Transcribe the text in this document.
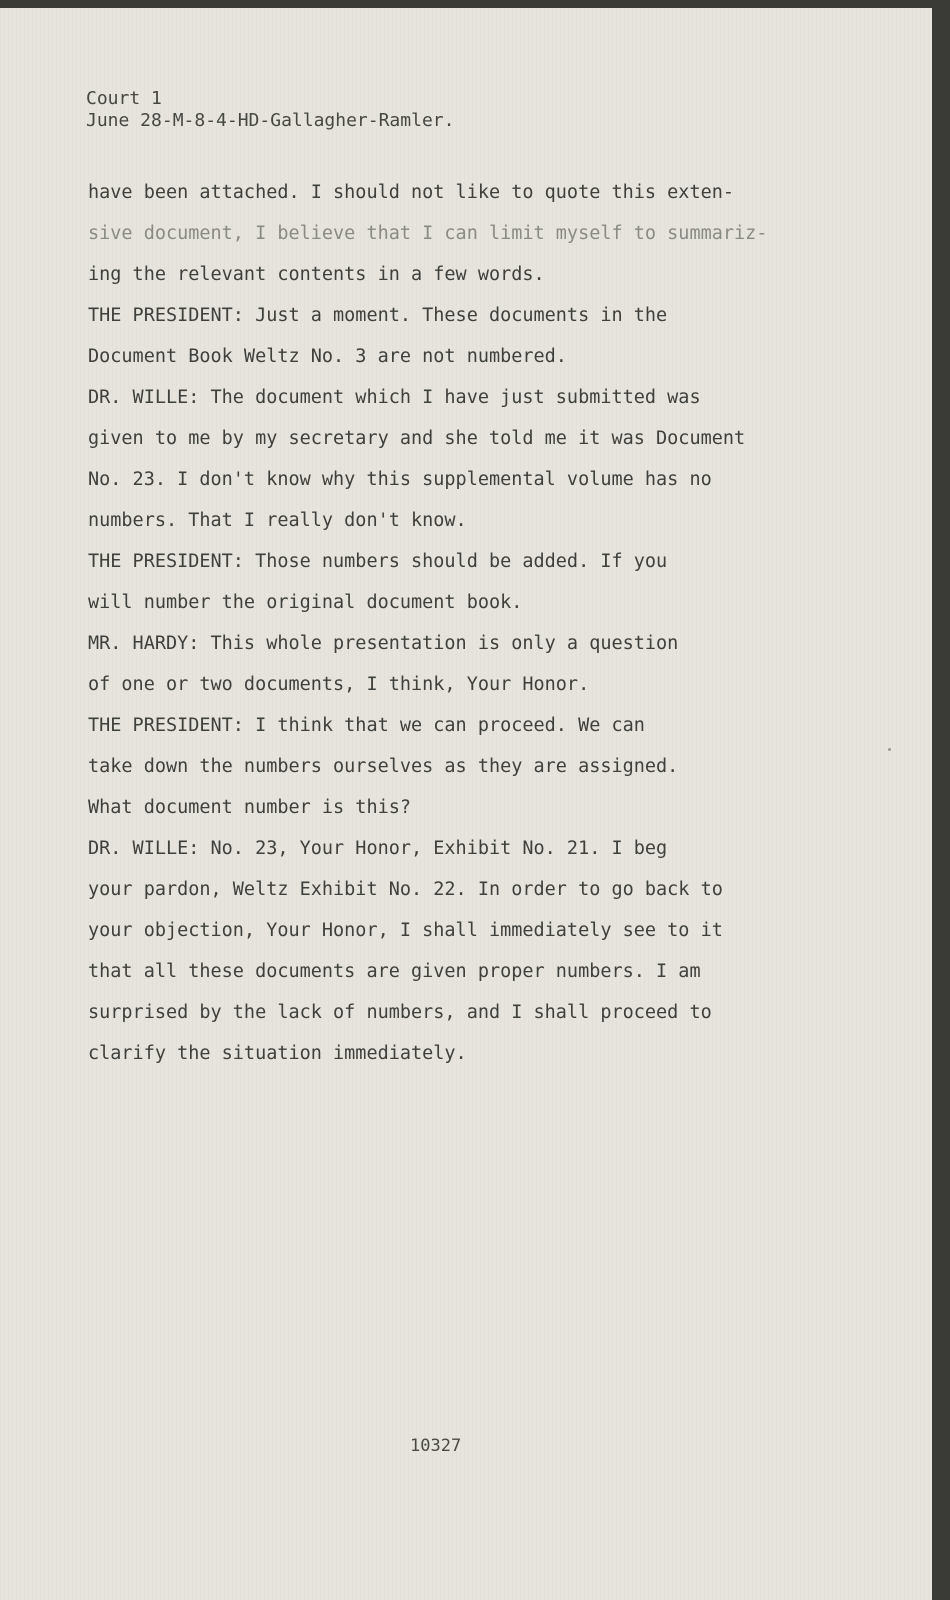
Court 1
June 28-M-8-4-HD-Gallagher-Ramler.
have been attached. I should not like to quote this exten-
sive document, I believe that I can limit myself to summariz-
ing the relevant contents in a few words.
THE PRESIDENT: Just a moment. These documents in the
Document Book Weltz No. 3 are not numbered.
DR. WILLE: The document which I have just submitted was
given to me by my secretary and she told me it was Document
No. 23. I don't know why this supplemental volume has no
numbers. That I really don't know.
THE PRESIDENT: Those numbers should be added. If you
will number the original document book.
MR. HARDY: This whole presentation is only a question
of one or two documents, I think, Your Honor.
THE PRESIDENT: I think that we can proceed. We can
take down the numbers ourselves as they are assigned.
What document number is this?
DR. WILLE: No. 23, Your Honor, Exhibit No. 21. I beg
your pardon, Weltz Exhibit No. 22. In order to go back to
your objection, Your Honor, I shall immediately see to it
that all these documents are given proper numbers. I am
surprised by the lack of numbers, and I shall proceed to
clarify the situation immediately.
10327
